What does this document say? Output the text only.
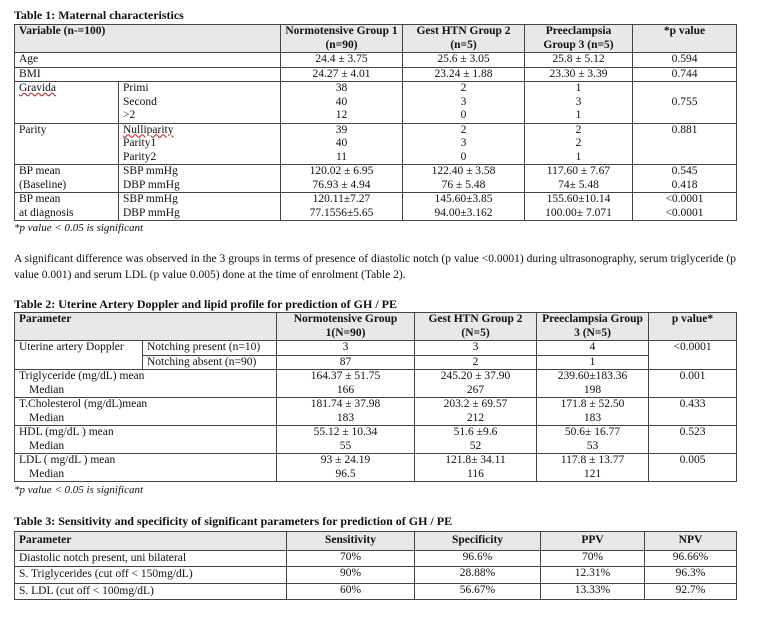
Table 1: Maternal characteristics
Variable (n-=100)		Normotensive Group 1 (n=90)	Gest HTN Group 2 (n=5)	Preeclampsia Group 3 (n=5)	*p value
Age		24.4 ± 3.75	25.6 ± 3.05	25.8 ± 5.12	0.594
BMI		24.27 ± 4.01	23.24 ± 1.88	23.30 ± 3.39	0.744
Gravida	Primi	38	2	1	0.755
	Second	40	3	3	
	>2	12	0	1	
Parity	Nulliparity	39	2	2	0.881
	Parity1	40	3	2	
	Parity2	11	0	1	
BP mean	SBP mmHg	120.02 ± 6.95	122.40 ± 3.58	117.60 ± 7.67	0.545
(Baseline)	DBP mmHg	76.93 ± 4.94	76 ± 5.48	74± 5.48	0.418
BP mean	SBP mmHg	120.11±7.27	145.60±3.85	155.60±10.14	<0.0001
at diagnosis	DBP mmHg	77.1556±5.65	94.00±3.162	100.00± 7.071	<0.0001
*p value < 0.05 is significant
A significant difference was observed in the 3 groups in terms of presence of diastolic notch (p value <0.0001) during ultrasonography, serum triglyceride (p value 0.001) and serum LDL (p value 0.005) done at the time of enrolment (Table 2).
Table 2: Uterine Artery Doppler and lipid profile for prediction of GH / PE
Parameter		Normotensive Group 1(N=90)	Gest HTN Group 2 (N=5)	Preeclampsia Group 3 (N=5)	p value*
Uterine artery Doppler	Notching present (n=10)	3	3	4	<0.0001
	Notching absent (n=90)	87	2	1	
Triglyceride (mg/dL) mean		164.37 ± 51.75	245.20 ± 37.90	239.60±183.36	0.001
Median		166	267	198	
T.Cholesterol (mg/dL)mean		181.74 ± 37.98	203.2 ± 69.57	171.8 ± 52.50	0.433
Median		183	212	183	
HDL (mg/dL ) mean		55.12 ± 10.34	51.6 ±9.6	50.6± 16.77	0.523
Median		55	52	53	
LDL ( mg/dL ) mean		93 ± 24.19	121.8± 34.11	117.8 ± 13.77	0.005
Median		96.5	116	121	
*p value < 0.05 is significant
Table 3: Sensitivity and specificity of significant parameters for prediction of GH / PE
Parameter	Sensitivity	Specificity	PPV	NPV
Diastolic notch present, uni bilateral	70%	96.6%	70%	96.66%
S. Triglycerides (cut off < 150mg/dL)	90%	28.88%	12.31%	96.3%
S. LDL (cut off < 100mg/dL)	60%	56.67%	13.33%	92.7%
